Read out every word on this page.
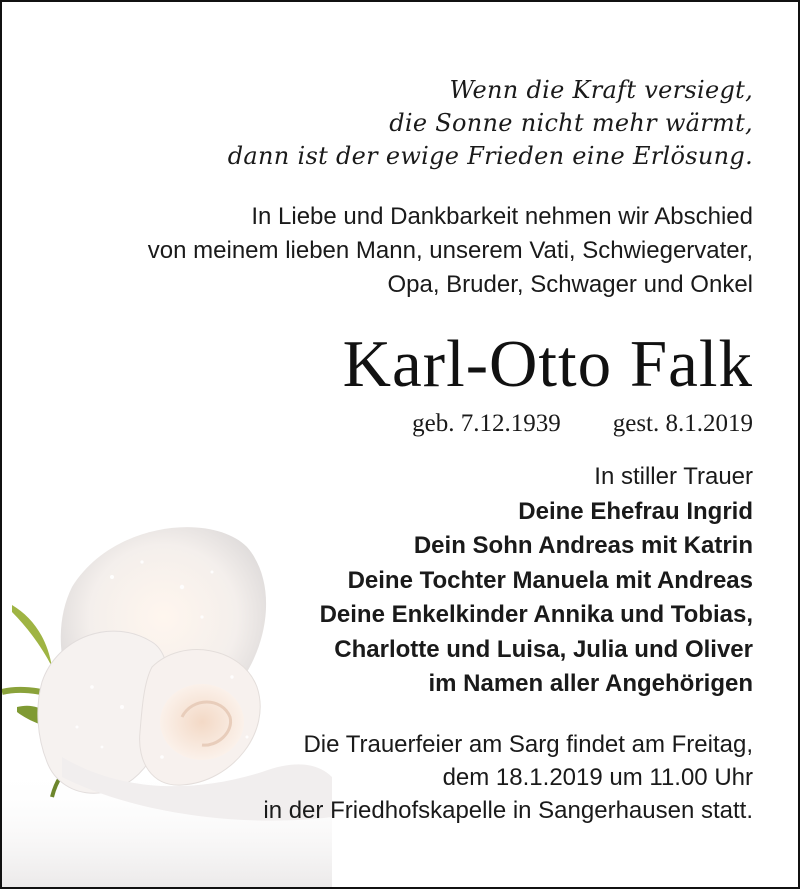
Wenn die Kraft versiegt,
die Sonne nicht mehr wärmt,
dann ist der ewige Frieden eine Erlösung.
In Liebe und Dankbarkeit nehmen wir Abschied
von meinem lieben Mann, unserem Vati, Schwiegervater,
Opa, Bruder, Schwager und Onkel
Karl-Otto Falk
geb. 7.12.1939 gest. 8.1.2019
In stiller Trauer
Deine Ehefrau Ingrid
Dein Sohn Andreas mit Katrin
Deine Tochter Manuela mit Andreas
Deine Enkelkinder Annika und Tobias,
Charlotte und Luisa, Julia und Oliver
im Namen aller Angehörigen
Die Trauerfeier am Sarg findet am Freitag,
dem 18.1.2019 um 11.00 Uhr
in der Friedhofskapelle in Sangerhausen statt.
